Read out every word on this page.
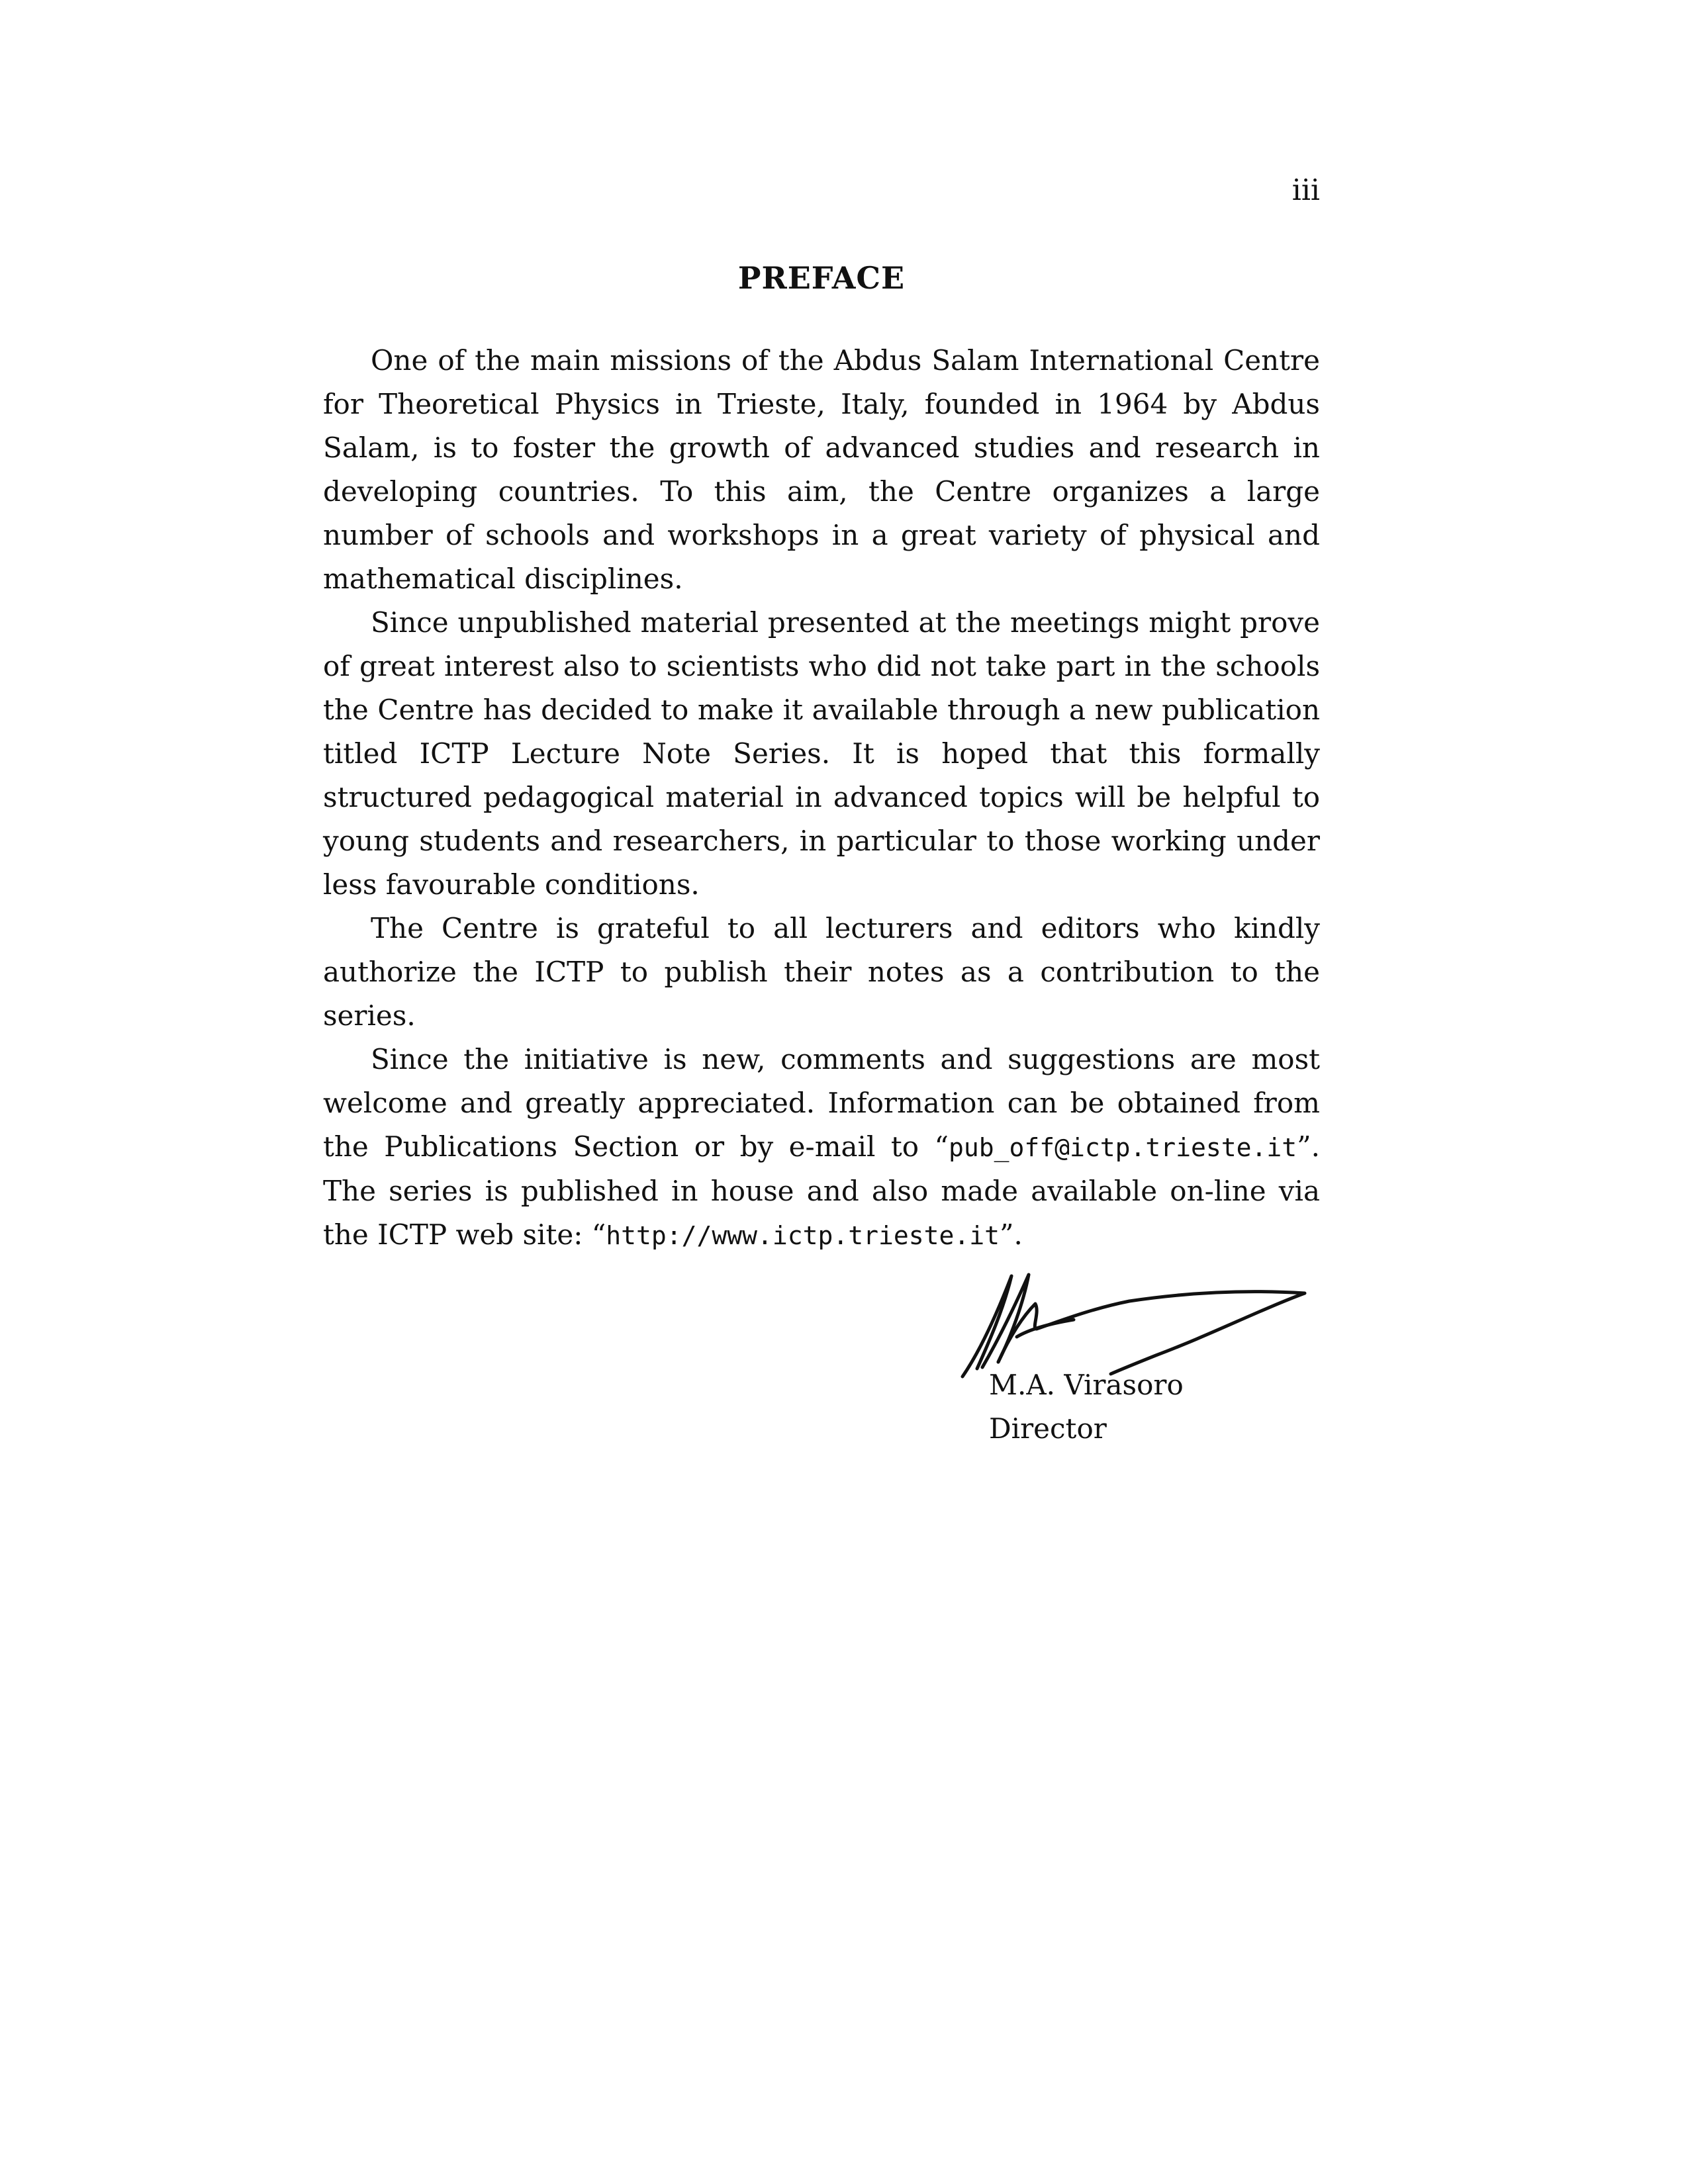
iii
PREFACE

One of the main missions of the Abdus Salam International Centre for Theoretical Physics in Trieste, Italy, founded in 1964 by Abdus Salam, is to foster the growth of advanced studies and research in developing countries. To this aim, the Centre organizes a large number of schools and workshops in a great variety of physical and mathematical disciplines.

Since unpublished material presented at the meetings might prove of great interest also to scientists who did not take part in the schools the Centre has decided to make it available through a new publication titled ICTP Lecture Note Series. It is hoped that this formally structured pedagogical material in advanced topics will be helpful to young students and researchers, in particular to those working under less favourable conditions.

The Centre is grateful to all lecturers and editors who kindly authorize the ICTP to publish their notes as a contribution to the series.

Since the initiative is new, comments and suggestions are most welcome and greatly appreciated. Information can be obtained from the Publications Section or by e-mail to “pub_off@ictp.trieste.it”. The series is published in house and also made available on-line via the ICTP web site: “http://www.ictp.trieste.it”.

M.A. Virasoro
Director
